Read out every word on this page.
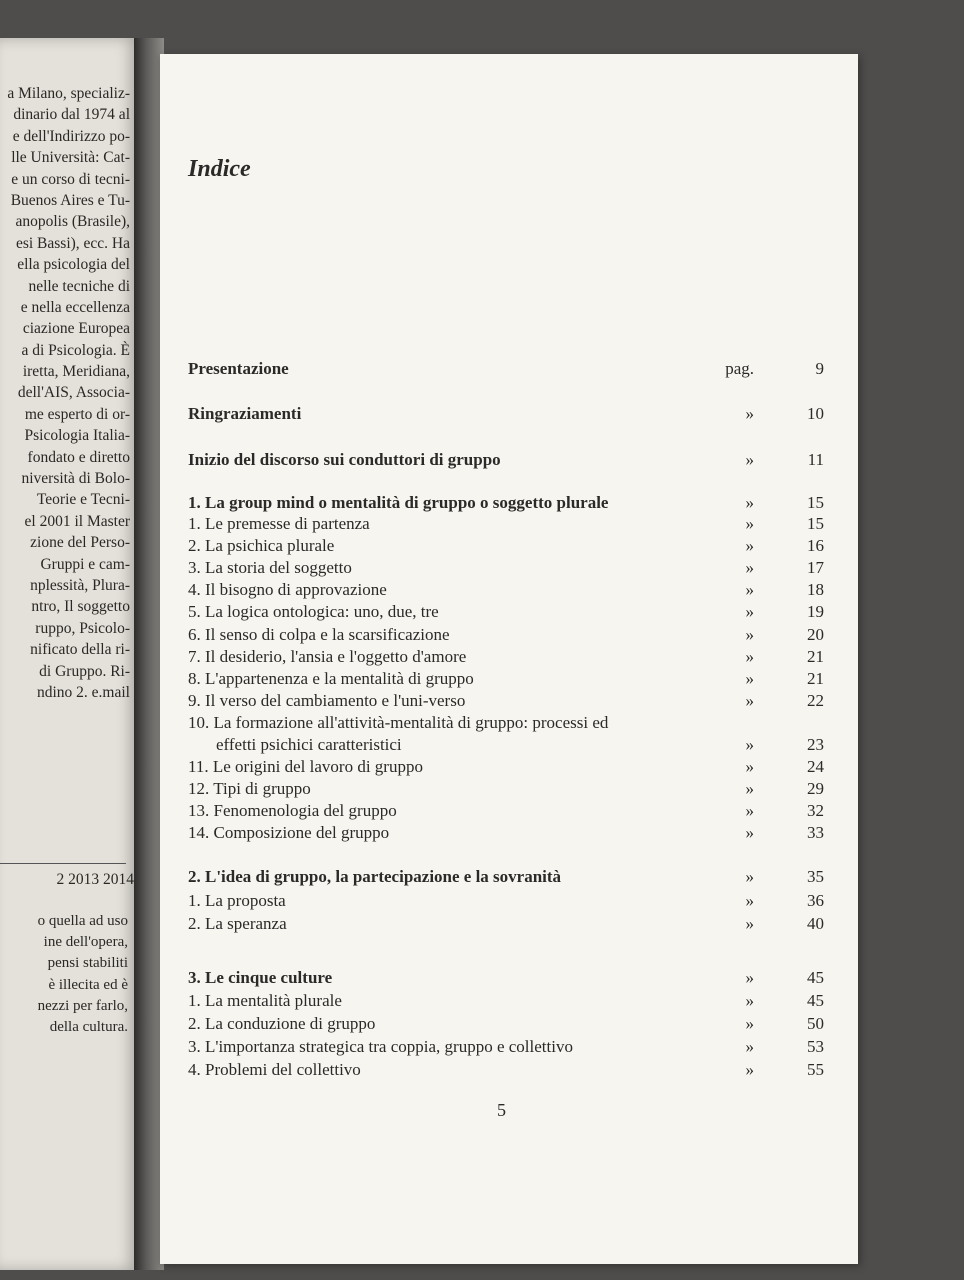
a Milano, specializ-
dinario dal 1974 al
e dell'Indirizzo po-
lle Università: Cat-
e un corso di tecni-
Buenos Aires e Tu-
anopolis (Brasile),
esi Bassi), ecc. Ha
ella psicologia del
nelle tecniche di
e nella eccellenza
ciazione Europea
a di Psicologia. È
iretta, Meridiana,
dell'AIS, Associa-
me esperto di or-
Psicologia Italia-
fondato e diretto
niversità di Bolo-
Teorie e Tecni-
el 2001 il Master
zione del Perso-
Gruppi e cam-
nplessità, Plura-
ntro, Il soggetto
ruppo, Psicolo-
nificato della ri-
di Gruppo. Ri-
ndino 2. e.mail
2 2013 2014
o quella ad uso
ine dell'opera,
pensi stabiliti
è illecita ed è
nezzi per farlo,
della cultura.
Indice
5
Presentazione	pag.	9
Ringraziamenti	»	10
Inizio del discorso sui conduttori di gruppo	»	11
1. La group mind o mentalità di gruppo o soggetto plurale	»	15
1. Le premesse di partenza	»	15
2. La psichica plurale	»	16
3. La storia del soggetto	»	17
4. Il bisogno di approvazione	»	18
5. La logica ontologica: uno, due, tre	»	19
6. Il senso di colpa e la scarsificazione	»	20
7. Il desiderio, l'ansia e l'oggetto d'amore	»	21
8. L'appartenenza e la mentalità di gruppo	»	21
9. Il verso del cambiamento e l'uni-verso	»	22
10. La formazione all'attività-mentalità di gruppo: processi ed
effetti psichici caratteristici	»	23
11. Le origini del lavoro di gruppo	»	24
12. Tipi di gruppo	»	29
13. Fenomenologia del gruppo	»	32
14. Composizione del gruppo	»	33
2. L'idea di gruppo, la partecipazione e la sovranità	»	35
1. La proposta	»	36
2. La speranza	»	40
3. Le cinque culture	»	45
1. La mentalità plurale	»	45
2. La conduzione di gruppo	»	50
3. L'importanza strategica tra coppia, gruppo e collettivo	»	53
4. Problemi del collettivo	»	55
